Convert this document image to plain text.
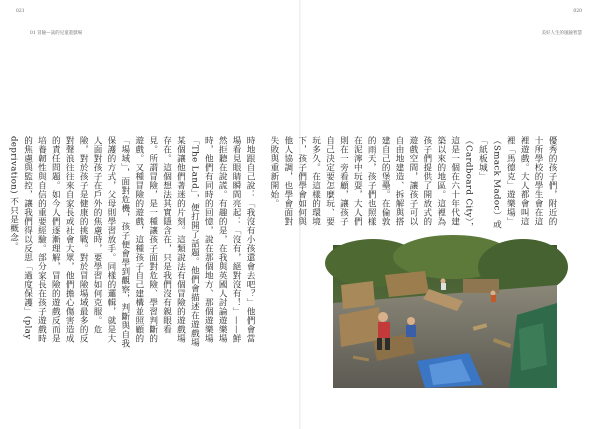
021
01 冒險—試的兒童遊戲場
020
美好人生的風險智慧
時地跟自己說：「我沒有小孩還會去吧？」他們會當場看見眼睛瞬間亮起：「沒有，絕對沒有！」——鮮然拒聽在說謊。有趣的是，在我與英國人討論遊樂場時，他們有同時的回憶，說在那個地方、那個遊樂場「The Land」，便打開了話題。他們會描述在遊戲場某個讓他們著迷的片刻。這類說法有個冒險的遊戲場存在。這個想法其實隱含在，只是我們沒有親眼看見。所謂冒險，是一種讓孩子面對危險、學習判斷的遊戲。又種冒險的遊戲，這種孩子自己建構並照顧的「場域」，面對危機，孩子便會學到觀察，判斷與自我保護的方式，父母則學習放手。同樣的邏輯，就是大人面對孩子在戶外的焦慮時，要學習如何克服。危險，對於孩子是健康的挑戰。對於冒險場域最多的反對聲浪往往來自家長或社會大眾，他們擔心傷害造成的責任問題。如今人們逐漸理解，冒險的遊戲反而是培養韌性與自信的重要經驗。部分家長在孩子遊戲時的焦慮與監控，讓我們得以反思「過度保護」(play deprivation) 不只是概念。	優秀的孩子們，附近的十所學校的學生會在這裡遊戲。大人都會叫這裡「馬德克」遊樂場」（Smack Madoc）或「紙板城」（Cardboard City），這是一個在六十年代建築以來的地區。這裡為孩子們提供了開放式的遊戲空間，讓孩子可以自由地建造、拆解與搭建自己的堡壘。在倫敦的雨天，孩子們也照樣在泥濘中玩耍，大人們則在一旁看顧，讓孩子自己決定要怎麼玩、要玩多久。在這樣的環境下，孩子們學會如何與他人協調，也學會面對失敗與重新開始。
